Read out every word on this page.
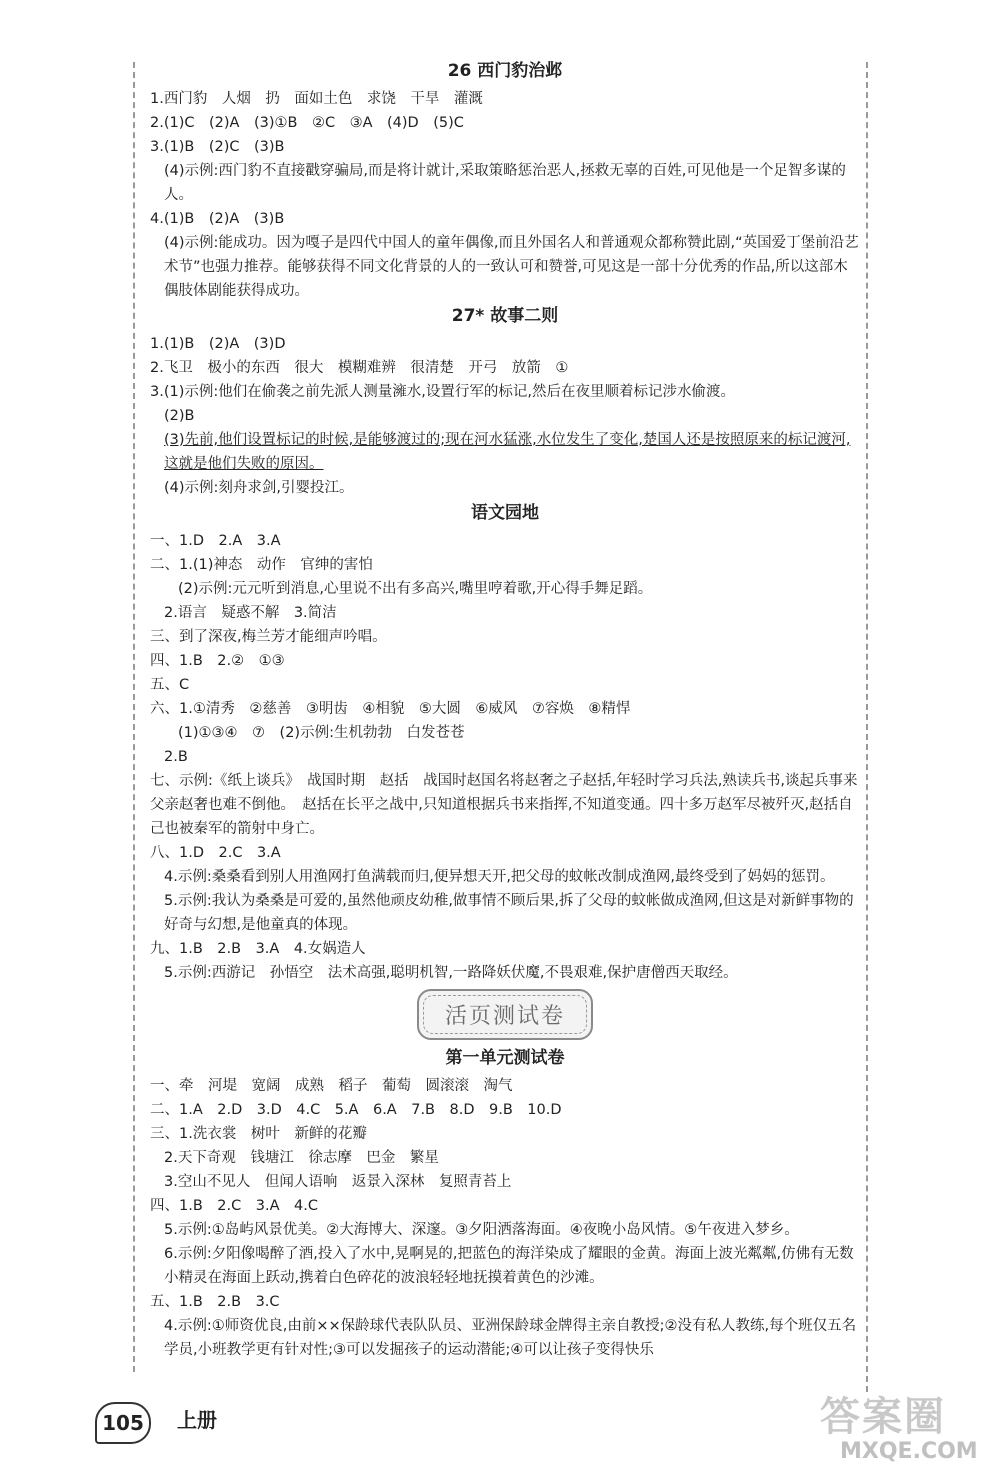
26 西门豹治邺
1.西门豹　人烟　扔　面如土色　求饶　干旱　灌溉
2.(1)C　(2)A　(3)①B　②C　③A　(4)D　(5)C
3.(1)B　(2)C　(3)B
(4)示例:西门豹不直接戳穿骗局,而是将计就计,采取策略惩治恶人,拯救无辜的百姓,可见他是一个足智多谋的人。
4.(1)B　(2)A　(3)B
(4)示例:能成功。因为嘎子是四代中国人的童年偶像,而且外国名人和普通观众都称赞此剧,“英国爱丁堡前沿艺术节”也强力推荐。能够获得不同文化背景的人的一致认可和赞誉,可见这是一部十分优秀的作品,所以这部木偶肢体剧能获得成功。
27* 故事二则
1.(1)B　(2)A　(3)D
2.飞卫　极小的东西　很大　模糊难辨　很清楚　开弓　放箭　①
3.(1)示例:他们在偷袭之前先派人测量澭水,设置行军的标记,然后在夜里顺着标记涉水偷渡。
(2)B
(3)先前,他们设置标记的时候,是能够渡过的;现在河水猛涨,水位发生了变化,楚国人还是按照原来的标记渡河,这就是他们失败的原因。
(4)示例:刻舟求剑,引婴投江。
语文园地
一、1.D　2.A　3.A
二、1.(1)神态　动作　官绅的害怕
(2)示例:元元听到消息,心里说不出有多高兴,嘴里哼着歌,开心得手舞足蹈。
2.语言　疑惑不解　3.简洁
三、到了深夜,梅兰芳才能细声吟唱。
四、1.B　2.②　①③
五、C
六、1.①清秀　②慈善　③明齿　④相貌　⑤大圆　⑥威风　⑦容焕　⑧精悍
(1)①③④　⑦　(2)示例:生机勃勃　白发苍苍
2.B
七、示例:《纸上谈兵》　战国时期　赵括　战国时赵国名将赵奢之子赵括,年轻时学习兵法,熟读兵书,谈起兵事来父亲赵奢也难不倒他。　赵括在长平之战中,只知道根据兵书来指挥,不知道变通。四十多万赵军尽被歼灭,赵括自己也被秦军的箭射中身亡。
八、1.D　2.C　3.A
4.示例:桑桑看到别人用渔网打鱼满载而归,便异想天开,把父母的蚊帐改制成渔网,最终受到了妈妈的惩罚。
5.示例:我认为桑桑是可爱的,虽然他顽皮幼稚,做事情不顾后果,拆了父母的蚊帐做成渔网,但这是对新鲜事物的好奇与幻想,是他童真的体现。
九、1.B　2.B　3.A　4.女娲造人
5.示例:西游记　孙悟空　法术高强,聪明机智,一路降妖伏魔,不畏艰难,保护唐僧西天取经。
活页测试卷
第一单元测试卷
一、牵　河堤　宽阔　成熟　稻子　葡萄　圆滚滚　淘气
二、1.A　2.D　3.D　4.C　5.A　6.A　7.B　8.D　9.B　10.D
三、1.洗衣裳　树叶　新鲜的花瓣
2.天下奇观　钱塘江　徐志摩　巴金　繁星
3.空山不见人　但闻人语响　返景入深林　复照青苔上
四、1.B　2.C　3.A　4.C
5.示例:①岛屿风景优美。②大海博大、深邃。③夕阳洒落海面。④夜晚小岛风情。⑤午夜进入梦乡。
6.示例:夕阳像喝醉了酒,投入了水中,晃啊晃的,把蓝色的海洋染成了耀眼的金黄。海面上波光粼粼,仿佛有无数小精灵在海面上跃动,携着白色碎花的波浪轻轻地抚摸着黄色的沙滩。
五、1.B　2.B　3.C
4.示例:①师资优良,由前××保龄球代表队队员、亚洲保龄球金牌得主亲自教授;②没有私人教练,每个班仅五名学员,小班教学更有针对性;③可以发掘孩子的运动潜能;④可以让孩子变得快乐
105	上册	答案圈
MXQE.COM
